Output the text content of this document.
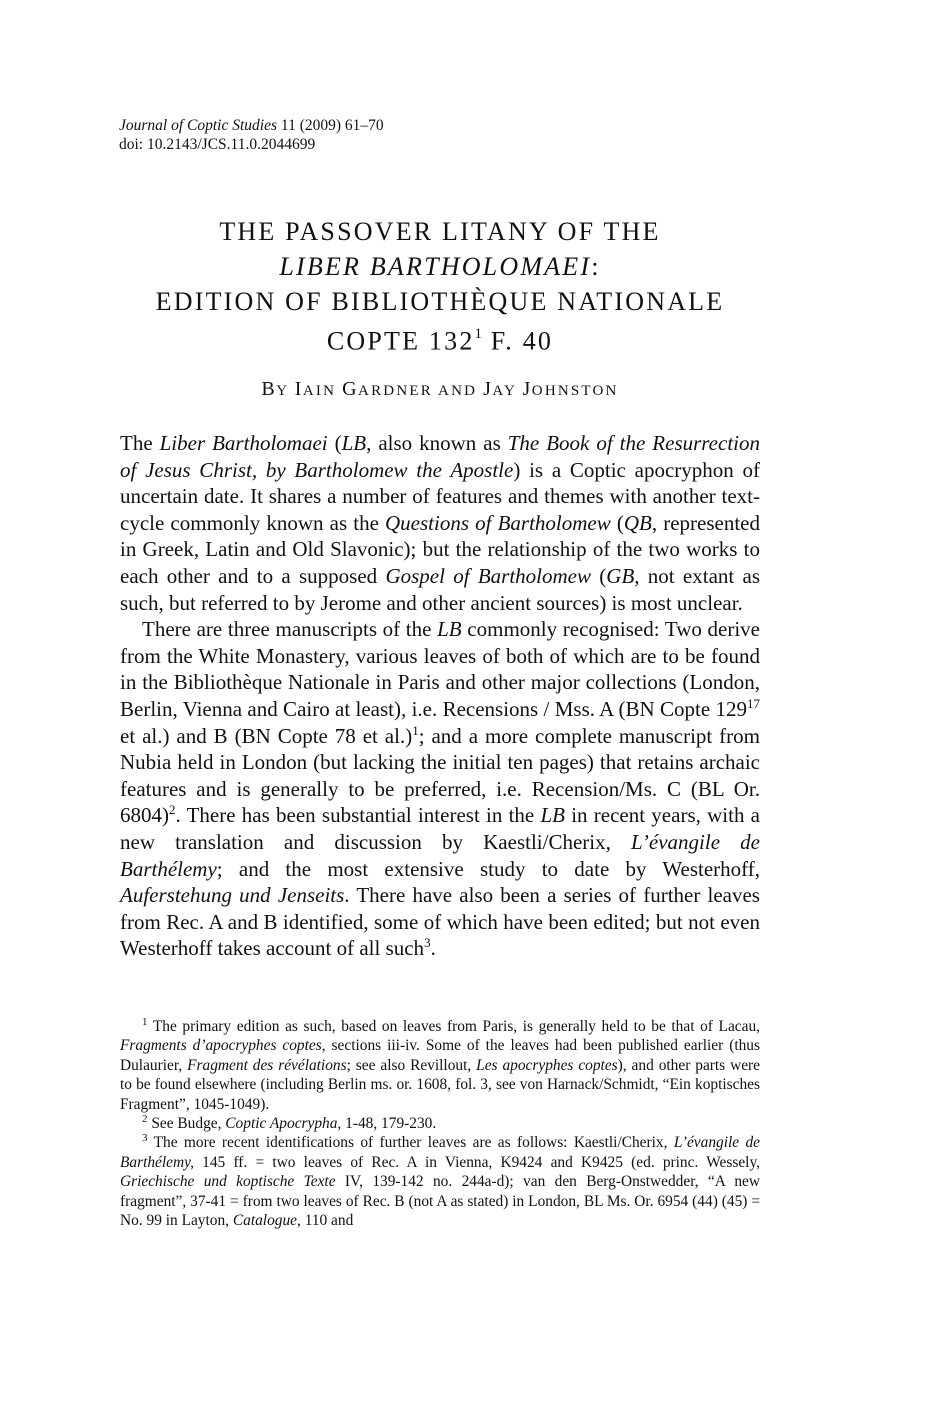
Journal of Coptic Studies 11 (2009) 61–70
doi: 10.2143/JCS.11.0.2044699
THE PASSOVER LITANY OF THE
LIBER BARTHOLOMAEI:
EDITION OF BIBLIOTHÈQUE NATIONALE
COPTE $132^1$ F. 40
BY IAIN GARDNER AND JAY JOHNSTON

The Liber Bartholomaei (LB, also known as The Book of the Resurrection of Jesus Christ, by Bartholomew the Apostle) is a Coptic apocryphon of uncertain date. It shares a number of features and themes with another text-cycle commonly known as the Questions of Bartholomew (QB, represented in Greek, Latin and Old Slavonic); but the relationship of the two works to each other and to a supposed Gospel of Bartholomew (GB, not extant as such, but referred to by Jerome and other ancient sources) is most unclear.

There are three manuscripts of the LB commonly recognised: Two derive from the White Monastery, various leaves of both of which are to be found in the Bibliothèque Nationale in Paris and other major collections (London, Berlin, Vienna and Cairo at least), i.e. Recensions / Mss. A (BN Copte $129^{17}$ et al.) and B (BN Copte 78 et al.)$^1$; and a more complete manuscript from Nubia held in London (but lacking the initial ten pages) that retains archaic features and is generally to be preferred, i.e. Recension/Ms. C (BL Or. 6804)$^2$. There has been substantial interest in the LB in recent years, with a new translation and discussion by Kaestli/Cherix, L’évangile de Barthélemy; and the most extensive study to date by Westerhoff, Auferstehung und Jenseits. There have also been a series of further leaves from Rec. A and B identified, some of which have been edited; but not even Westerhoff takes account of all such$^3$.

$^1$ The primary edition as such, based on leaves from Paris, is generally held to be that of Lacau, Fragments d’apocryphes coptes, sections iii-iv. Some of the leaves had been published earlier (thus Dulaurier, Fragment des révélations; see also Revillout, Les apocryphes coptes), and other parts were to be found elsewhere (including Berlin ms. or. 1608, fol. 3, see von Harnack/Schmidt, “Ein koptisches Fragment”, 1045-1049).

$^2$ See Budge, Coptic Apocrypha, 1-48, 179-230.

$^3$ The more recent identifications of further leaves are as follows: Kaestli/Cherix, L’évangile de Barthélemy, 145 ff. = two leaves of Rec. A in Vienna, K9424 and K9425 (ed. princ. Wessely, Griechische und koptische Texte IV, 139-142 no. 244a-d); van den Berg-Onstwedder, “A new fragment”, 37-41 = from two leaves of Rec. B (not A as stated) in London, BL Ms. Or. 6954 (44) (45) = No. 99 in Layton, Catalogue, 110 and
